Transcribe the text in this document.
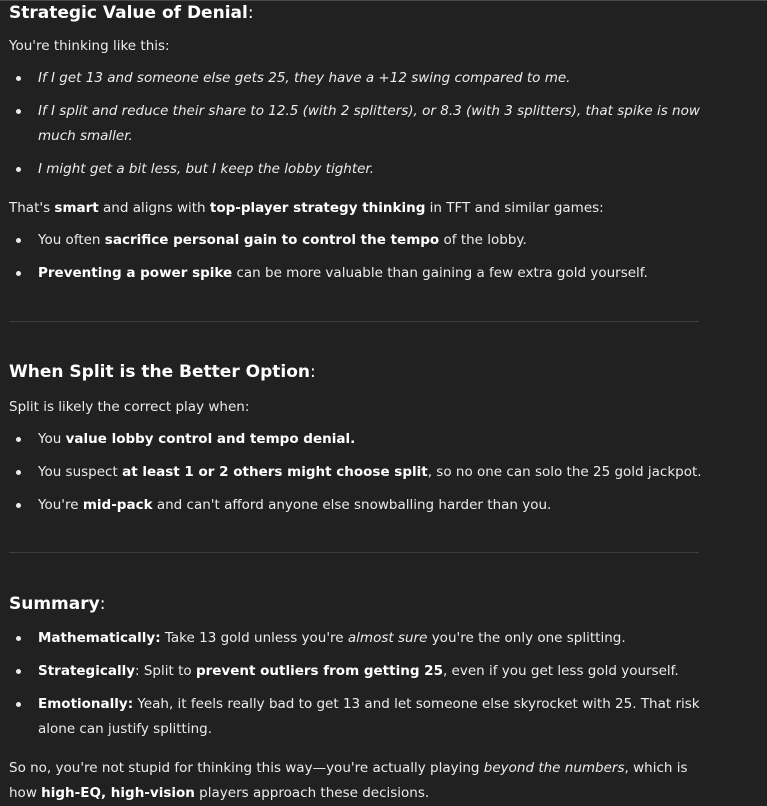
Strategic Value of Denial:

You're thinking like this:

If I get 13 and someone else gets 25, they have a +12 swing compared to me.
If I split and reduce their share to 12.5 (with 2 splitters), or 8.3 (with 3 splitters), that spike is now much smaller.
I might get a bit less, but I keep the lobby tighter.

That's smart and aligns with top-player strategy thinking in TFT and similar games:

You often sacrifice personal gain to control the tempo of the lobby.
Preventing a power spike can be more valuable than gaining a few extra gold yourself.
When Split is the Better Option:

Split is likely the correct play when:

You value lobby control and tempo denial.
You suspect at least 1 or 2 others might choose split, so no one can solo the 25 gold jackpot.
You're mid-pack and can't afford anyone else snowballing harder than you.
Summary:
Mathematically: Take 13 gold unless you're almost sure you're the only one splitting.
Strategically: Split to prevent outliers from getting 25, even if you get less gold yourself.
Emotionally: Yeah, it feels really bad to get 13 and let someone else skyrocket with 25. That risk alone can justify splitting.

So no, you're not stupid for thinking this way—you're actually playing beyond the numbers, which is how high-EQ, high-vision players approach these decisions.
